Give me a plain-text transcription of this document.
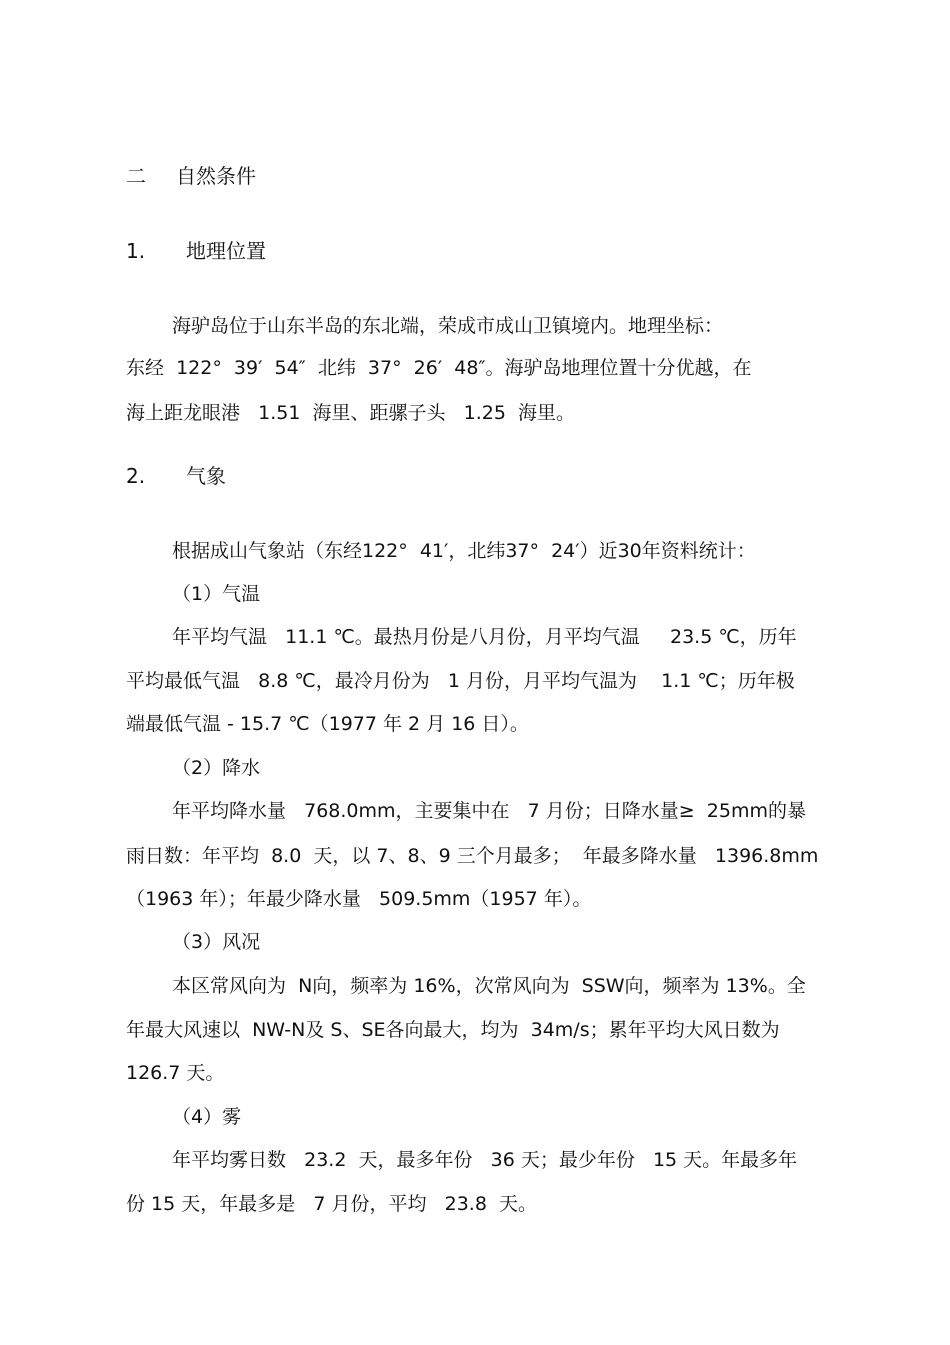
二 自然条件
1. 地理位置
海驴岛位于山东半岛的东北端，荣成市成山卫镇境内。地理坐标：
东经  122°  39′  54″  北纬  37°  26′  48″。海驴岛地理位置十分优越，在
海上距龙眼港   1.51  海里、距骡子头   1.25  海里。
2. 气象
根据成山气象站（东经122°  41′，北纬37°  24′）近30年资料统计：
（1）气温
年平均气温   11.1 ℃。最热月份是八月份，月平均气温     23.5 ℃，历年
平均最低气温   8.8 ℃，最冷月份为   1 月份，月平均气温为    1.1 ℃；历年极
端最低气温 - 15.7 ℃（1977 年 2 月 16 日）。
（2）降水
年平均降水量   768.0mm，主要集中在   7 月份；日降水量≥  25mm的暴
雨日数：年平均  8.0  天，以 7、8、9 三个月最多；  年最多降水量   1396.8mm
（1963 年）；年最少降水量   509.5mm（1957 年）。
（3）风况
本区常风向为  N向，频率为 16%，次常风向为  SSW向，频率为 13%。全
年最大风速以  NW-N及 S、SE各向最大，均为  34m/s；累年平均大风日数为
126.7 天。
（4）雾
年平均雾日数   23.2  天，最多年份   36 天；最少年份   15 天。年最多年
份 15 天，年最多是   7 月份，平均   23.8  天。
